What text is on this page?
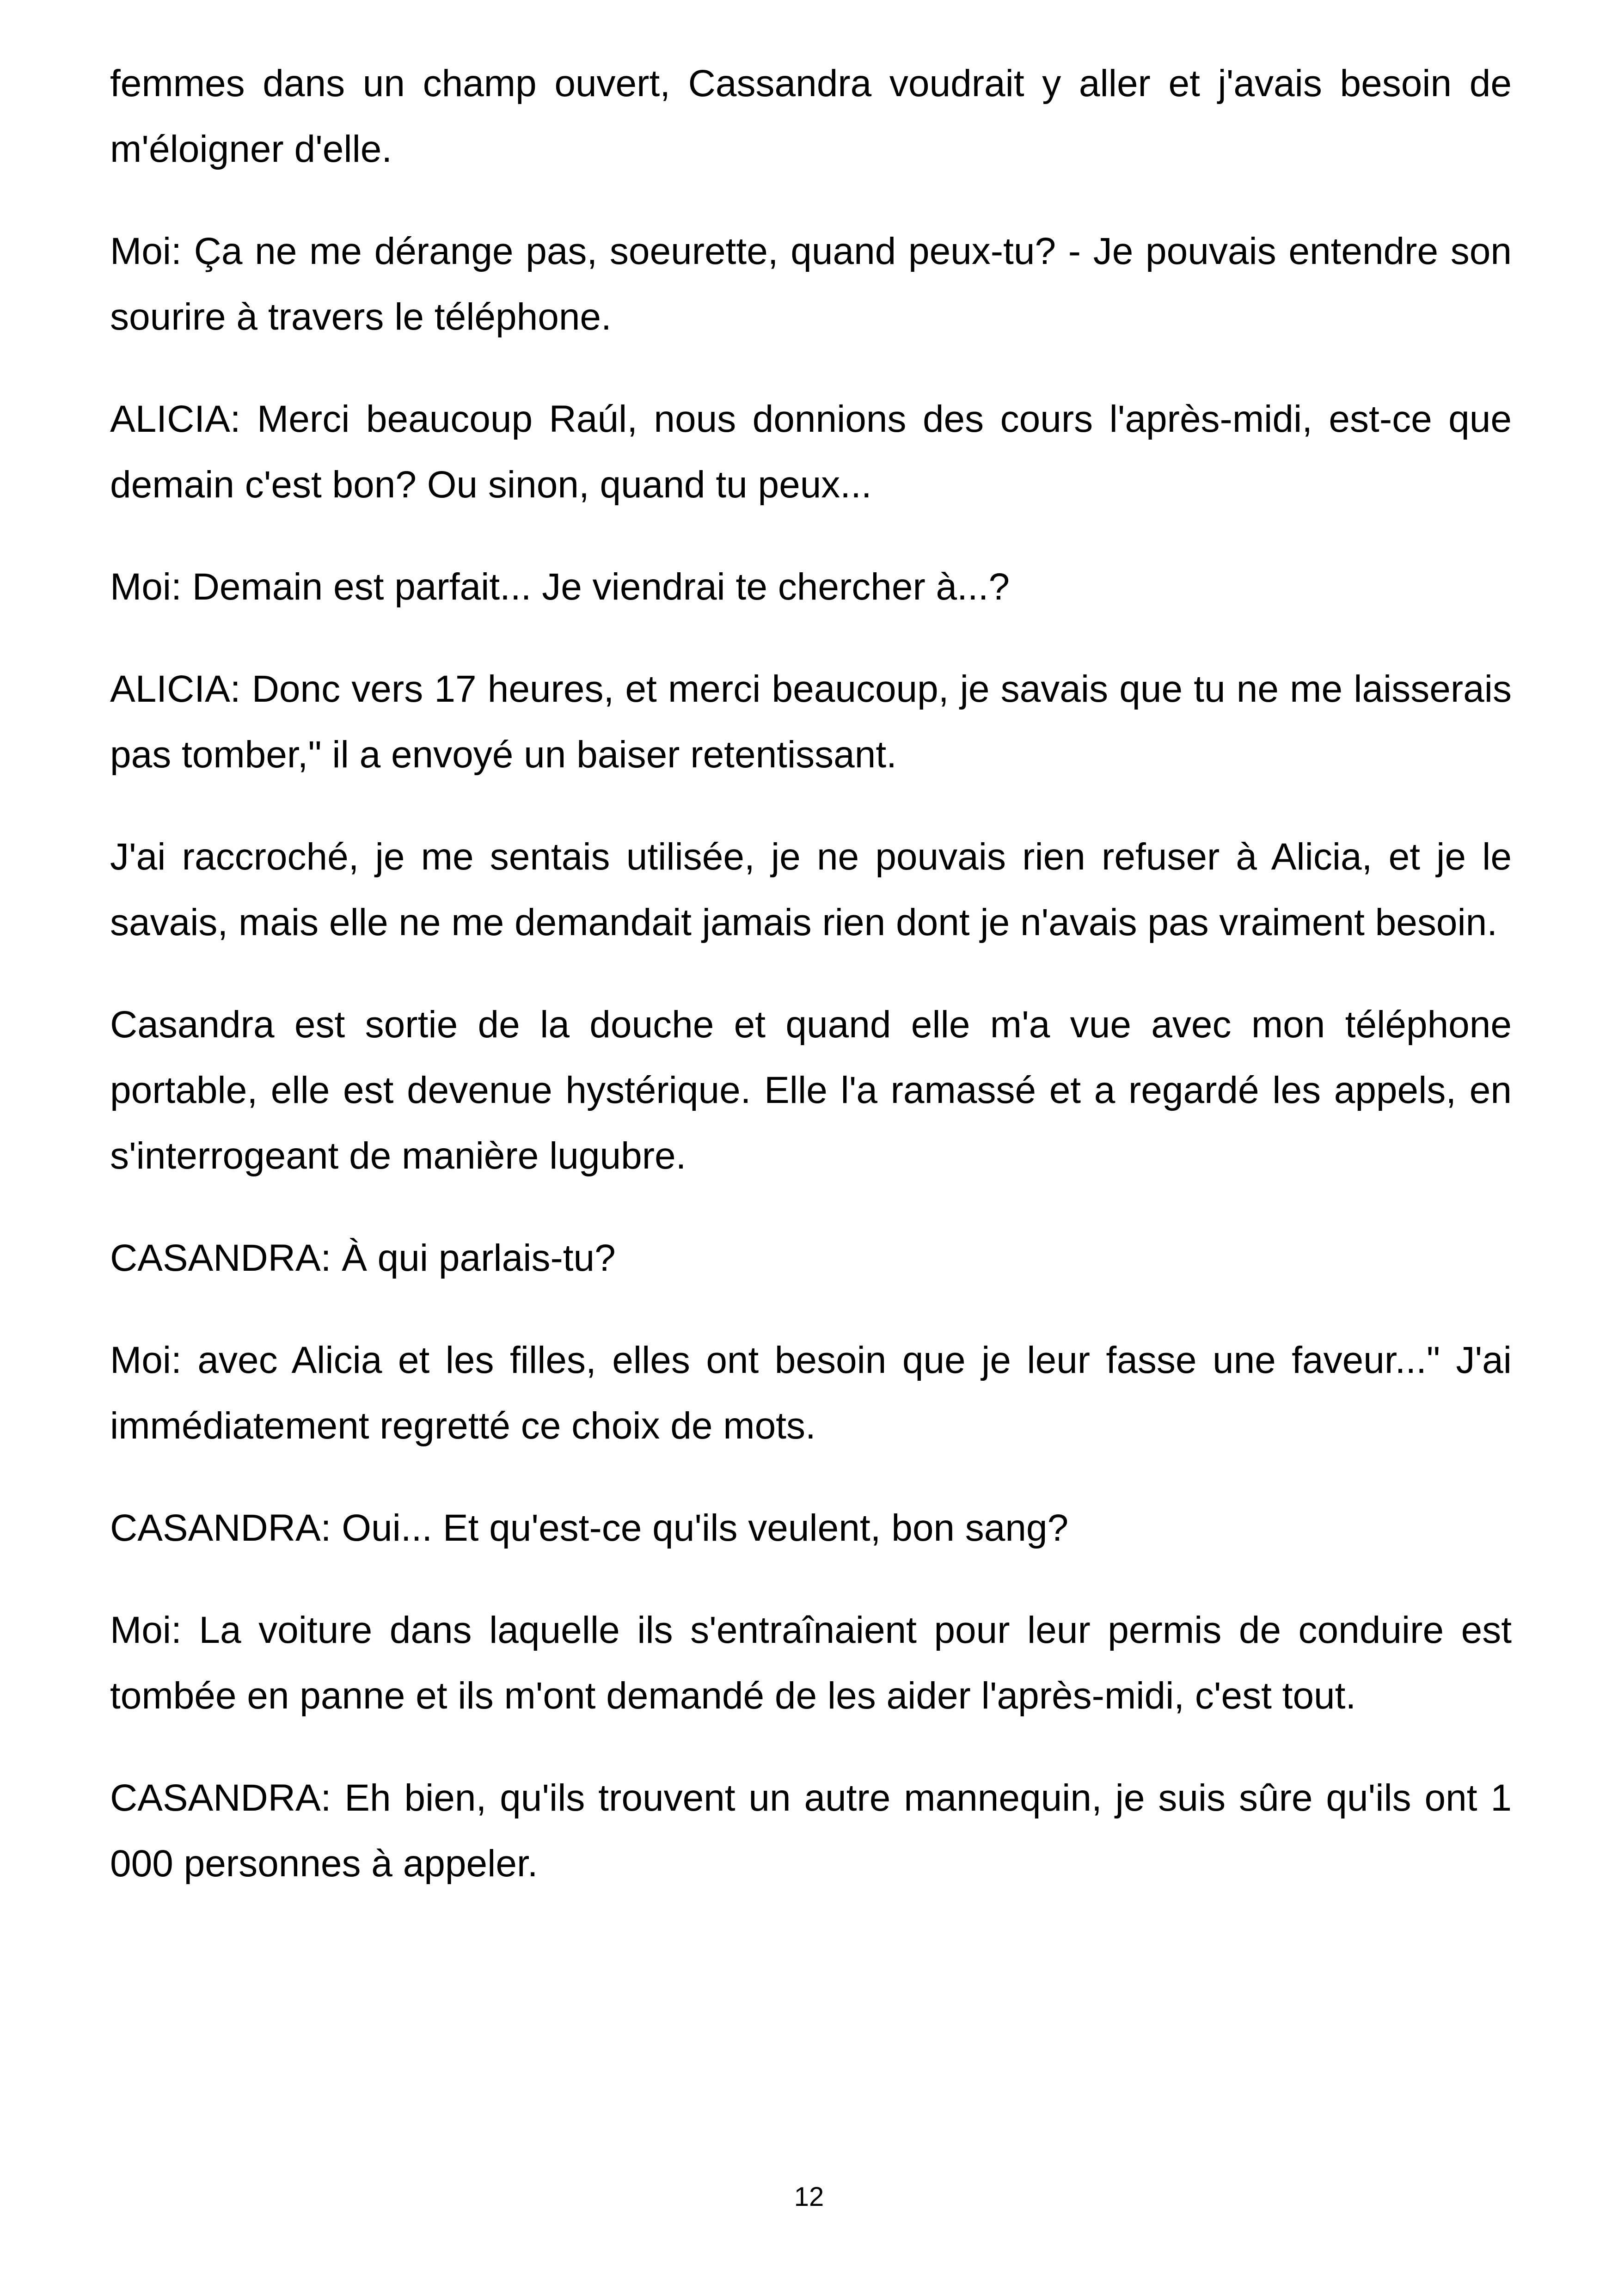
femmes dans un champ ouvert, Cassandra voudrait y aller et j'avais besoin de m'éloigner d'elle.

Moi: Ça ne me dérange pas, soeurette, quand peux-tu? - Je pouvais entendre son sourire à travers le téléphone.

ALICIA: Merci beaucoup Raúl, nous donnions des cours l'après-midi, est-ce que demain c'est bon? Ou sinon, quand tu peux...

Moi: Demain est parfait... Je viendrai te chercher à...?

ALICIA: Donc vers 17 heures, et merci beaucoup, je savais que tu ne me laisserais pas tomber," il a envoyé un baiser retentissant.

J'ai raccroché, je me sentais utilisée, je ne pouvais rien refuser à Alicia, et je le savais, mais elle ne me demandait jamais rien dont je n'avais pas vraiment besoin.

Casandra est sortie de la douche et quand elle m'a vue avec mon téléphone portable, elle est devenue hystérique. Elle l'a ramassé et a regardé les appels, en s'interrogeant de manière lugubre.

CASANDRA: À qui parlais-tu?

Moi: avec Alicia et les filles, elles ont besoin que je leur fasse une faveur..." J'ai immédiatement regretté ce choix de mots.

CASANDRA: Oui... Et qu'est-ce qu'ils veulent, bon sang?

Moi: La voiture dans laquelle ils s'entraînaient pour leur permis de conduire est tombée en panne et ils m'ont demandé de les aider l'après-midi, c'est tout.

CASANDRA: Eh bien, qu'ils trouvent un autre mannequin, je suis sûre qu'ils ont 1 000 personnes à appeler.

12
